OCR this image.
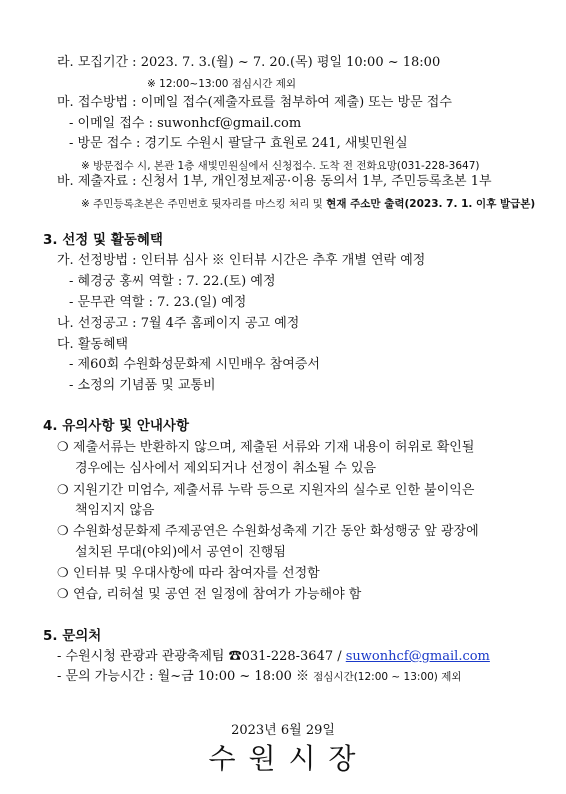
라. 모집기간 : 2023. 7. 3.(월) ~ 7. 20.(목) 평일 10:00 ~ 18:00
※ 12:00~13:00 점심시간 제외
마. 접수방법 : 이메일 접수(제출자료를 첨부하여 제출) 또는 방문 접수
- 이메일 접수 : suwonhcf@gmail.com
- 방문 접수 : 경기도 수원시 팔달구 효원로 241, 새빛민원실
※ 방문접수 시, 본관 1층 새빛민원실에서 신청접수. 도착 전 전화요망(031-228-3647)
바. 제출자료 : 신청서 1부, 개인정보제공·이용 동의서 1부, 주민등록초본 1부
※ 주민등록초본은 주민번호 뒷자리를 마스킹 처리 및 현재 주소만 출력(2023. 7. 1. 이후 발급본)
3. 선정 및 활동혜택
가. 선정방법 : 인터뷰 심사 ※ 인터뷰 시간은 추후 개별 연락 예정
- 혜경궁 홍씨 역할 : 7. 22.(토) 예정
- 문무관 역할 : 7. 23.(일) 예정
나. 선정공고 : 7월 4주 홈페이지 공고 예정
다. 활동혜택
- 제60회 수원화성문화제 시민배우 참여증서
- 소정의 기념품 및 교통비
4. 유의사항 및 안내사항
❍ 제출서류는 반환하지 않으며, 제출된 서류와 기재 내용이 허위로 확인될
경우에는 심사에서 제외되거나 선정이 취소될 수 있음
❍ 지원기간 미엄수, 제출서류 누락 등으로 지원자의 실수로 인한 불이익은
책임지지 않음
❍ 수원화성문화제 주제공연은 수원화성축제 기간 동안 화성행궁 앞 광장에
설치된 무대(야외)에서 공연이 진행됨
❍ 인터뷰 및 우대사항에 따라 참여자를 선정함
❍ 연습, 리허설 및 공연 전 일정에 참여가 가능해야 함
5. 문의처
- 수원시청 관광과 관광축제팀 ☎031-228-3647 / suwonhcf@gmail.com
- 문의 가능시간 : 월~금 10:00 ~ 18:00 ※ 점심시간(12:00 ~ 13:00) 제외
2023년 6월 29일
수 원 시 장
